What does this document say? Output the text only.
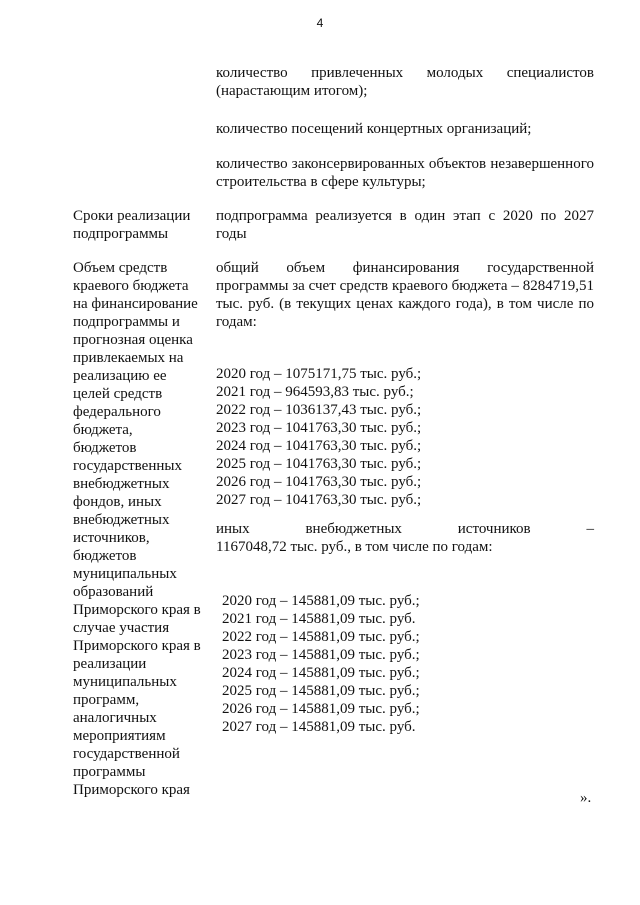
4
количество привлеченных молодых специалистов (нарастающим итогом);
количество посещений концертных организаций;
количество законсервированных объектов незавершенного строительства в сфере культуры;
Сроки реализации подпрограммы
подпрограмма реализуется в один этап с 2020 по 2027 годы
Объем средств
краевого бюджета
на финансирование
подпрограммы и
прогнозная оценка
привлекаемых на
реализацию ее
целей средств
федерального
бюджета,
бюджетов
государственных
внебюджетных
фондов, иных
внебюджетных
источников,
бюджетов
муниципальных
образований
Приморского края в
случае участия
Приморского края в
реализации
муниципальных
программ,
аналогичных
мероприятиям
государственной
программы
Приморского края
общий объем финансирования государственной программы за счет средств краевого бюджета – 8284719,51 тыс. руб. (в текущих ценах каждого года), в том числе по годам:
2020 год – 1075171,75 тыс. руб.;
2021 год – 964593,83 тыс. руб.;
2022 год – 1036137,43 тыс. руб.;
2023 год – 1041763,30 тыс. руб.;
2024 год – 1041763,30 тыс. руб.;
2025 год – 1041763,30 тыс. руб.;
2026 год – 1041763,30 тыс. руб.;
2027 год – 1041763,30 тыс. руб.;
иных внебюджетных источников –
1167048,72 тыс. руб., в том числе по годам:
2020 год – 145881,09 тыс. руб.;
2021 год – 145881,09 тыс. руб.
2022 год – 145881,09 тыс. руб.;
2023 год – 145881,09 тыс. руб.;
2024 год – 145881,09 тыс. руб.;
2025 год – 145881,09 тыс. руб.;
2026 год – 145881,09 тыс. руб.;
2027 год – 145881,09 тыс. руб.
».
